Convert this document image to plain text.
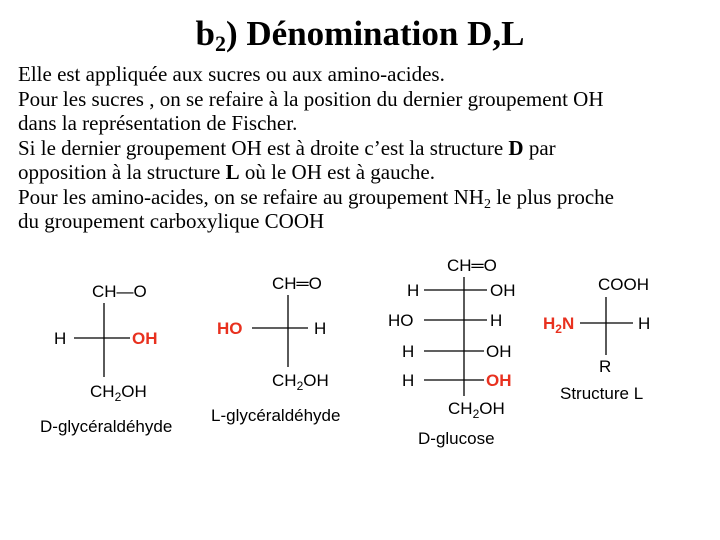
$b_2$) Dénomination D,L

Elle est appliquée aux sucres ou aux amino-acides.

Pour les sucres , on se refaire à la position du dernier groupement OH

dans la représentation de Fischer.

Si le dernier groupement OH est à droite c’est la structure D par

opposition à la structure L où le OH est à gauche.

Pour les amino-acides, on se refaire au groupement $NH_2$ le plus proche

du groupement carboxylique COOH

CH—O
H	OH
$CH_2OH$
D-glycéraldéhyde
CH═O
HO	H
$CH_2OH$
L-glycéraldéhyde
CH═O
H	OH
HO	H
H	OH
H	OH
$CH_2OH$
D-glucose
COOH
$H_2N$	H
R
Structure L
